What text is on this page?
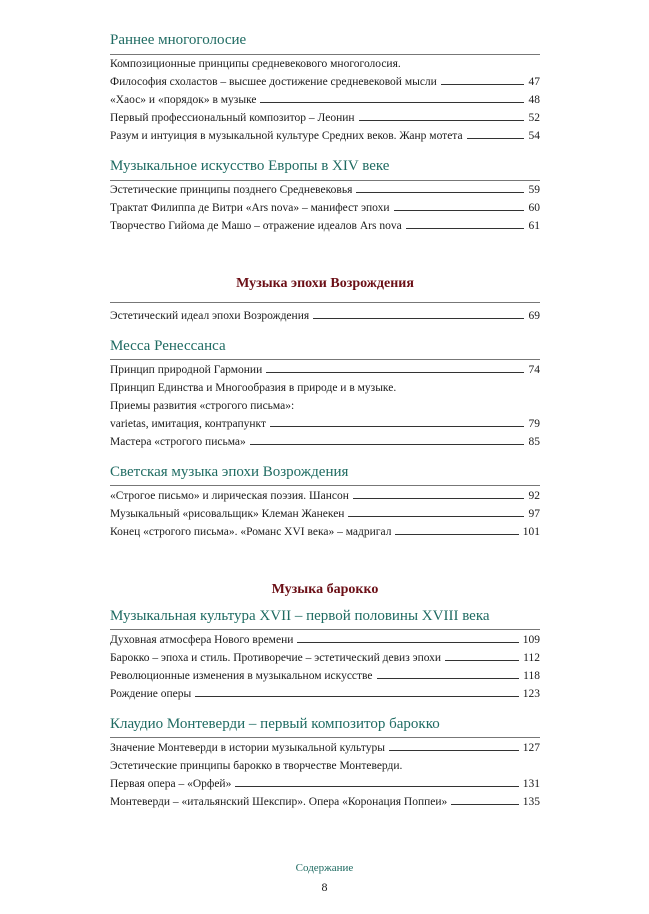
Раннее многоголосие
Композиционные принципы средневекового многоголосия.
Философия схоластов – высшее достижение средневековой мысли	47
«Хаос» и «порядок» в музыке	48
Первый профессиональный композитор – Леонин	52
Разум и интуиция в музыкальной культуре Средних веков. Жанр мотета	54
Музыкальное искусство Европы в XIV веке
Эстетические принципы позднего Средневековья	59
Трактат Филиппа де Витри «Ars nova» – манифест эпохи	60
Творчество Гийома де Машо – отражение идеалов Ars nova	61
Музыка эпохи Возрождения
Эстетический идеал эпохи Возрождения	69
Месса Ренессанса
Принцип природной Гармонии	74
Принцип Единства и Многообразия в природе и в музыке.
Приемы развития «строгого письма»:
varietas, имитация, контрапункт	79
Мастера «строгого письма»	85
Светская музыка эпохи Возрождения
«Строгое письмо» и лирическая поэзия. Шансон	92
Музыкальный «рисовальщик» Клеман Жанекен	97
Конец «строгого письма». «Романс XVI века» – мадригал	101
Музыка барокко
Музыкальная культура XVII – первой половины XVIII века
Духовная атмосфера Нового времени	109
Барокко – эпоха и стиль. Противоречие – эстетический девиз эпохи	112
Революционные изменения в музыкальном искусстве	118
Рождение оперы	123
Клаудио Монтеверди – первый композитор барокко
Значение Монтеверди в истории музыкальной культуры	127
Эстетические принципы барокко в творчестве Монтеверди.
Первая опера – «Орфей»	131
Монтеверди – «итальянский Шекспир». Опера «Коронация Поппеи»	135
Содержание
8
